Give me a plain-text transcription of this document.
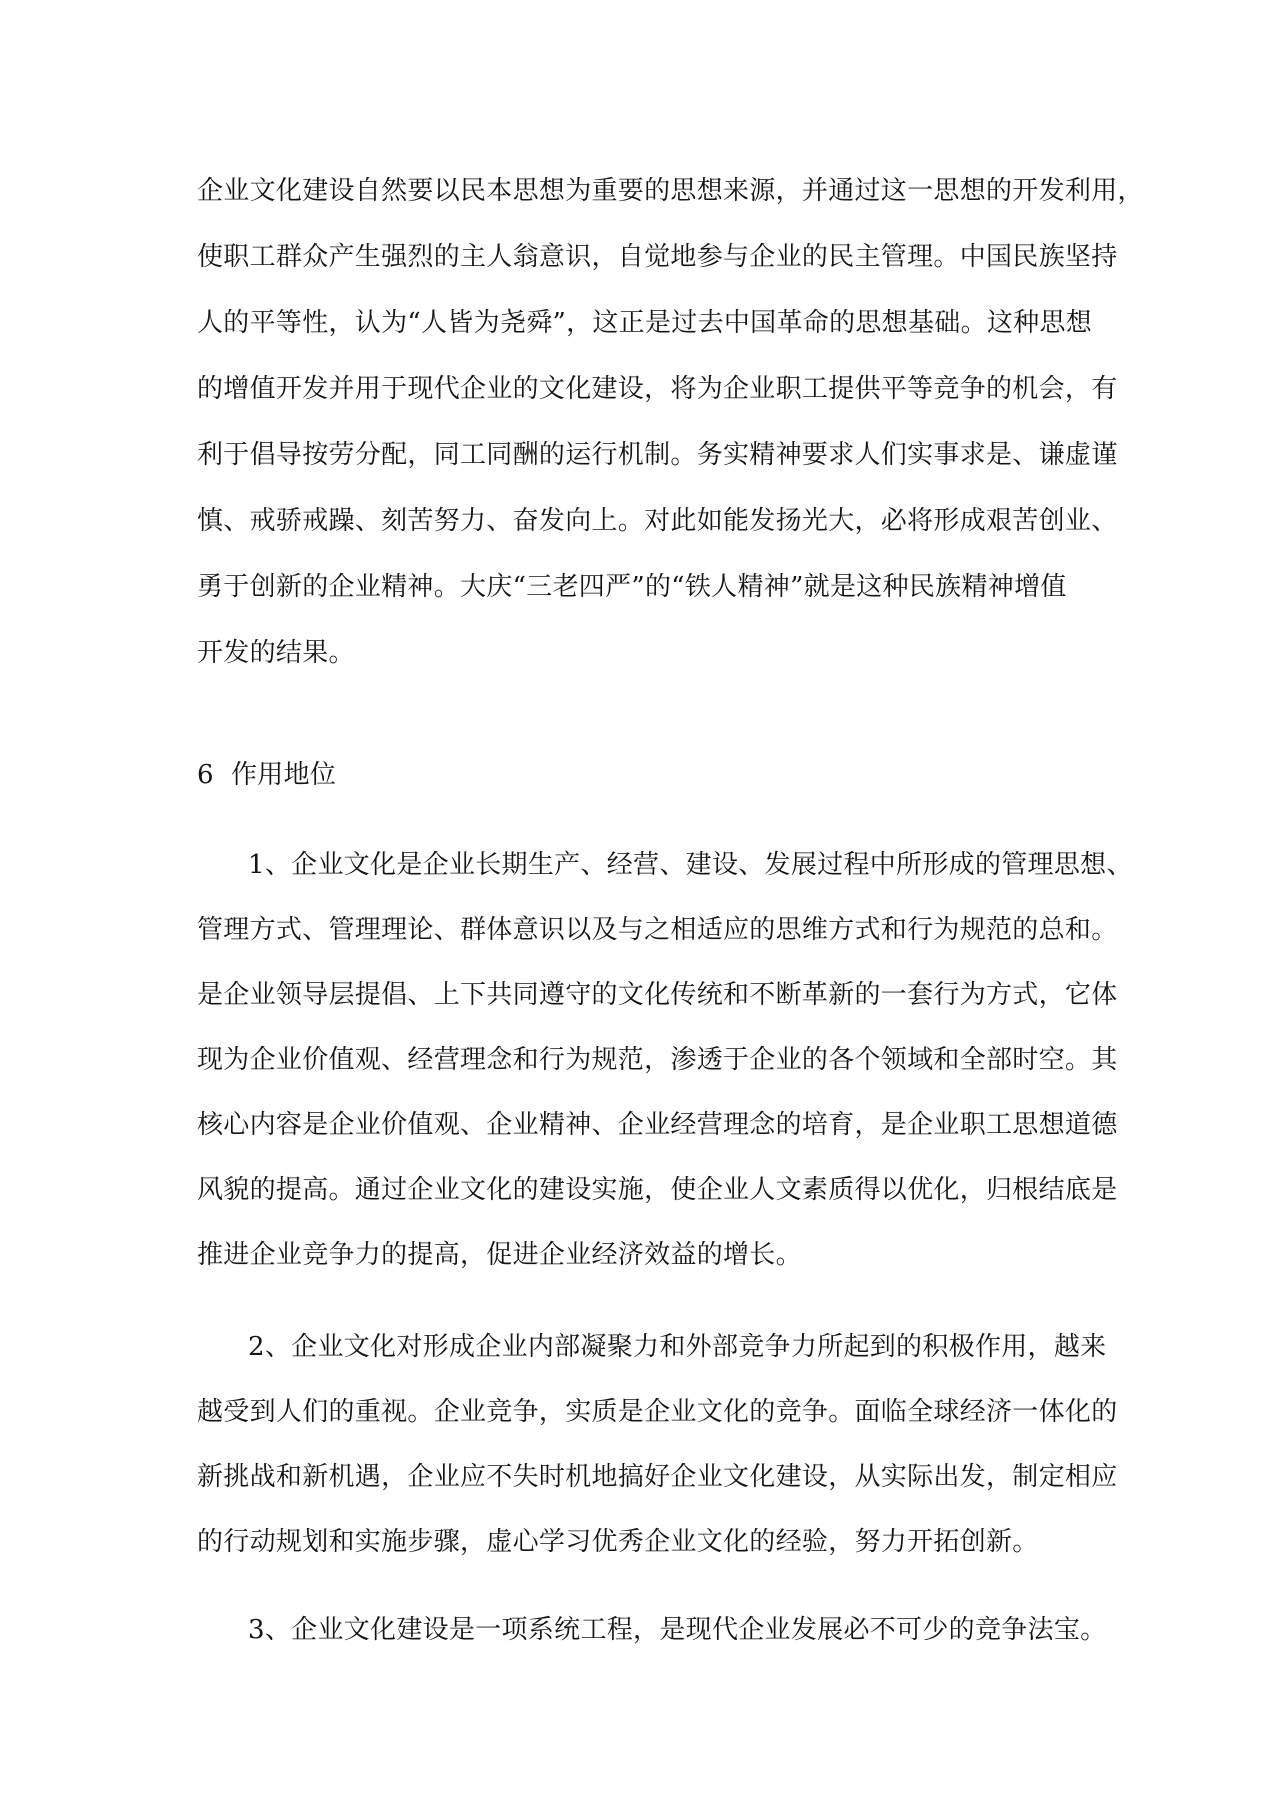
企业文化建设自然要以民本思想为重要的思想来源，并通过这一思想的开发利用，
使职工群众产生强烈的主人翁意识，自觉地参与企业的民主管理。中国民族坚持
人的平等性，认为“人皆为尧舜”，这正是过去中国革命的思想基础。这种思想
的增值开发并用于现代企业的文化建设，将为企业职工提供平等竞争的机会，有
利于倡导按劳分配，同工同酬的运行机制。务实精神要求人们实事求是、谦虚谨
慎、戒骄戒躁、刻苦努力、奋发向上。对此如能发扬光大，必将形成艰苦创业、
勇于创新的企业精神。大庆“三老四严”的“铁人精神”就是这种民族精神增值
开发的结果。
6  作用地位
1、企业文化是企业长期生产、经营、建设、发展过程中所形成的管理思想、
管理方式、管理理论、群体意识以及与之相适应的思维方式和行为规范的总和。
是企业领导层提倡、上下共同遵守的文化传统和不断革新的一套行为方式，它体
现为企业价值观、经营理念和行为规范，渗透于企业的各个领域和全部时空。其
核心内容是企业价值观、企业精神、企业经营理念的培育，是企业职工思想道德
风貌的提高。通过企业文化的建设实施，使企业人文素质得以优化，归根结底是
推进企业竞争力的提高，促进企业经济效益的增长。
2、企业文化对形成企业内部凝聚力和外部竞争力所起到的积极作用，越来
越受到人们的重视。企业竞争，实质是企业文化的竞争。面临全球经济一体化的
新挑战和新机遇，企业应不失时机地搞好企业文化建设，从实际出发，制定相应
的行动规划和实施步骤，虚心学习优秀企业文化的经验，努力开拓创新。
3、企业文化建设是一项系统工程，是现代企业发展必不可少的竞争法宝。
